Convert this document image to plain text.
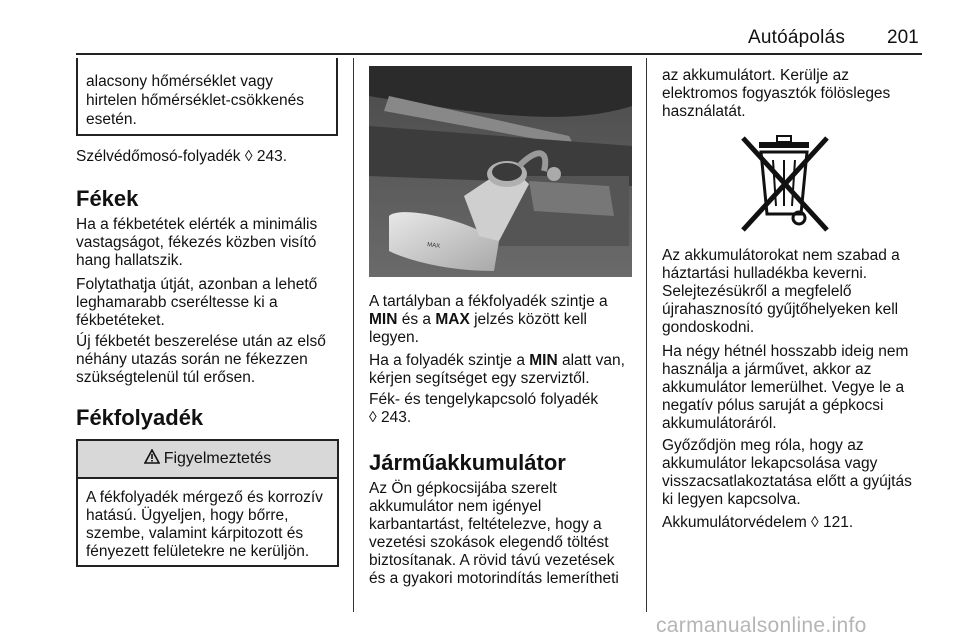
Autóápolás 201
alacsony hőmérséklet vagy
hirtelen hőmérséklet-csökkenés
esetén.
Szélvédőmosó-folyadék ◊ 243.
Fékek
Ha a fékbetétek elérték a minimális
vastagságot, fékezés közben visító
hang hallatszik.
Folytathatja útját, azonban a lehető
leghamarabb cseréltesse ki a
fékbetéteket.
Új fékbetét beszerelése után az első
néhány utazás során ne fékezzen
szükségtelenül túl erősen.
Fékfolyadék
Figyelmeztetés
A fékfolyadék mérgező és korrozív
hatású. Ügyeljen, hogy bőrre,
szembe, valamint kárpitozott és
fényezett felületekre ne kerüljön.
MAX
A tartályban a fékfolyadék szintje a
MIN és a MAX jelzés között kell
legyen.
Ha a folyadék szintje a MIN alatt van,
kérjen segítséget egy szerviztől.
Fék- és tengelykapcsoló folyadék
◊ 243.
Járműakkumulátor
Az Ön gépkocsijába szerelt
akkumulátor nem igényel
karbantartást, feltételezve, hogy a
vezetési szokások elegendő töltést
biztosítanak. A rövid távú vezetések
és a gyakori motorindítás lemerítheti
az akkumulátort. Kerülje az
elektromos fogyasztók fölösleges
használatát.
Az akkumulátorokat nem szabad a
háztartási hulladékba keverni.
Selejtezésükről a megfelelő
újrahasznosító gyűjtőhelyeken kell
gondoskodni.
Ha négy hétnél hosszabb ideig nem
használja a járművet, akkor az
akkumulátor lemerülhet. Vegye le a
negatív pólus saruját a gépkocsi
akkumulátoráról.
Győződjön meg róla, hogy az
akkumulátor lekapcsolása vagy
visszacsatlakoztatása előtt a gyújtás
ki legyen kapcsolva.
Akkumulátorvédelem ◊ 121.
carmanualsonline.info
